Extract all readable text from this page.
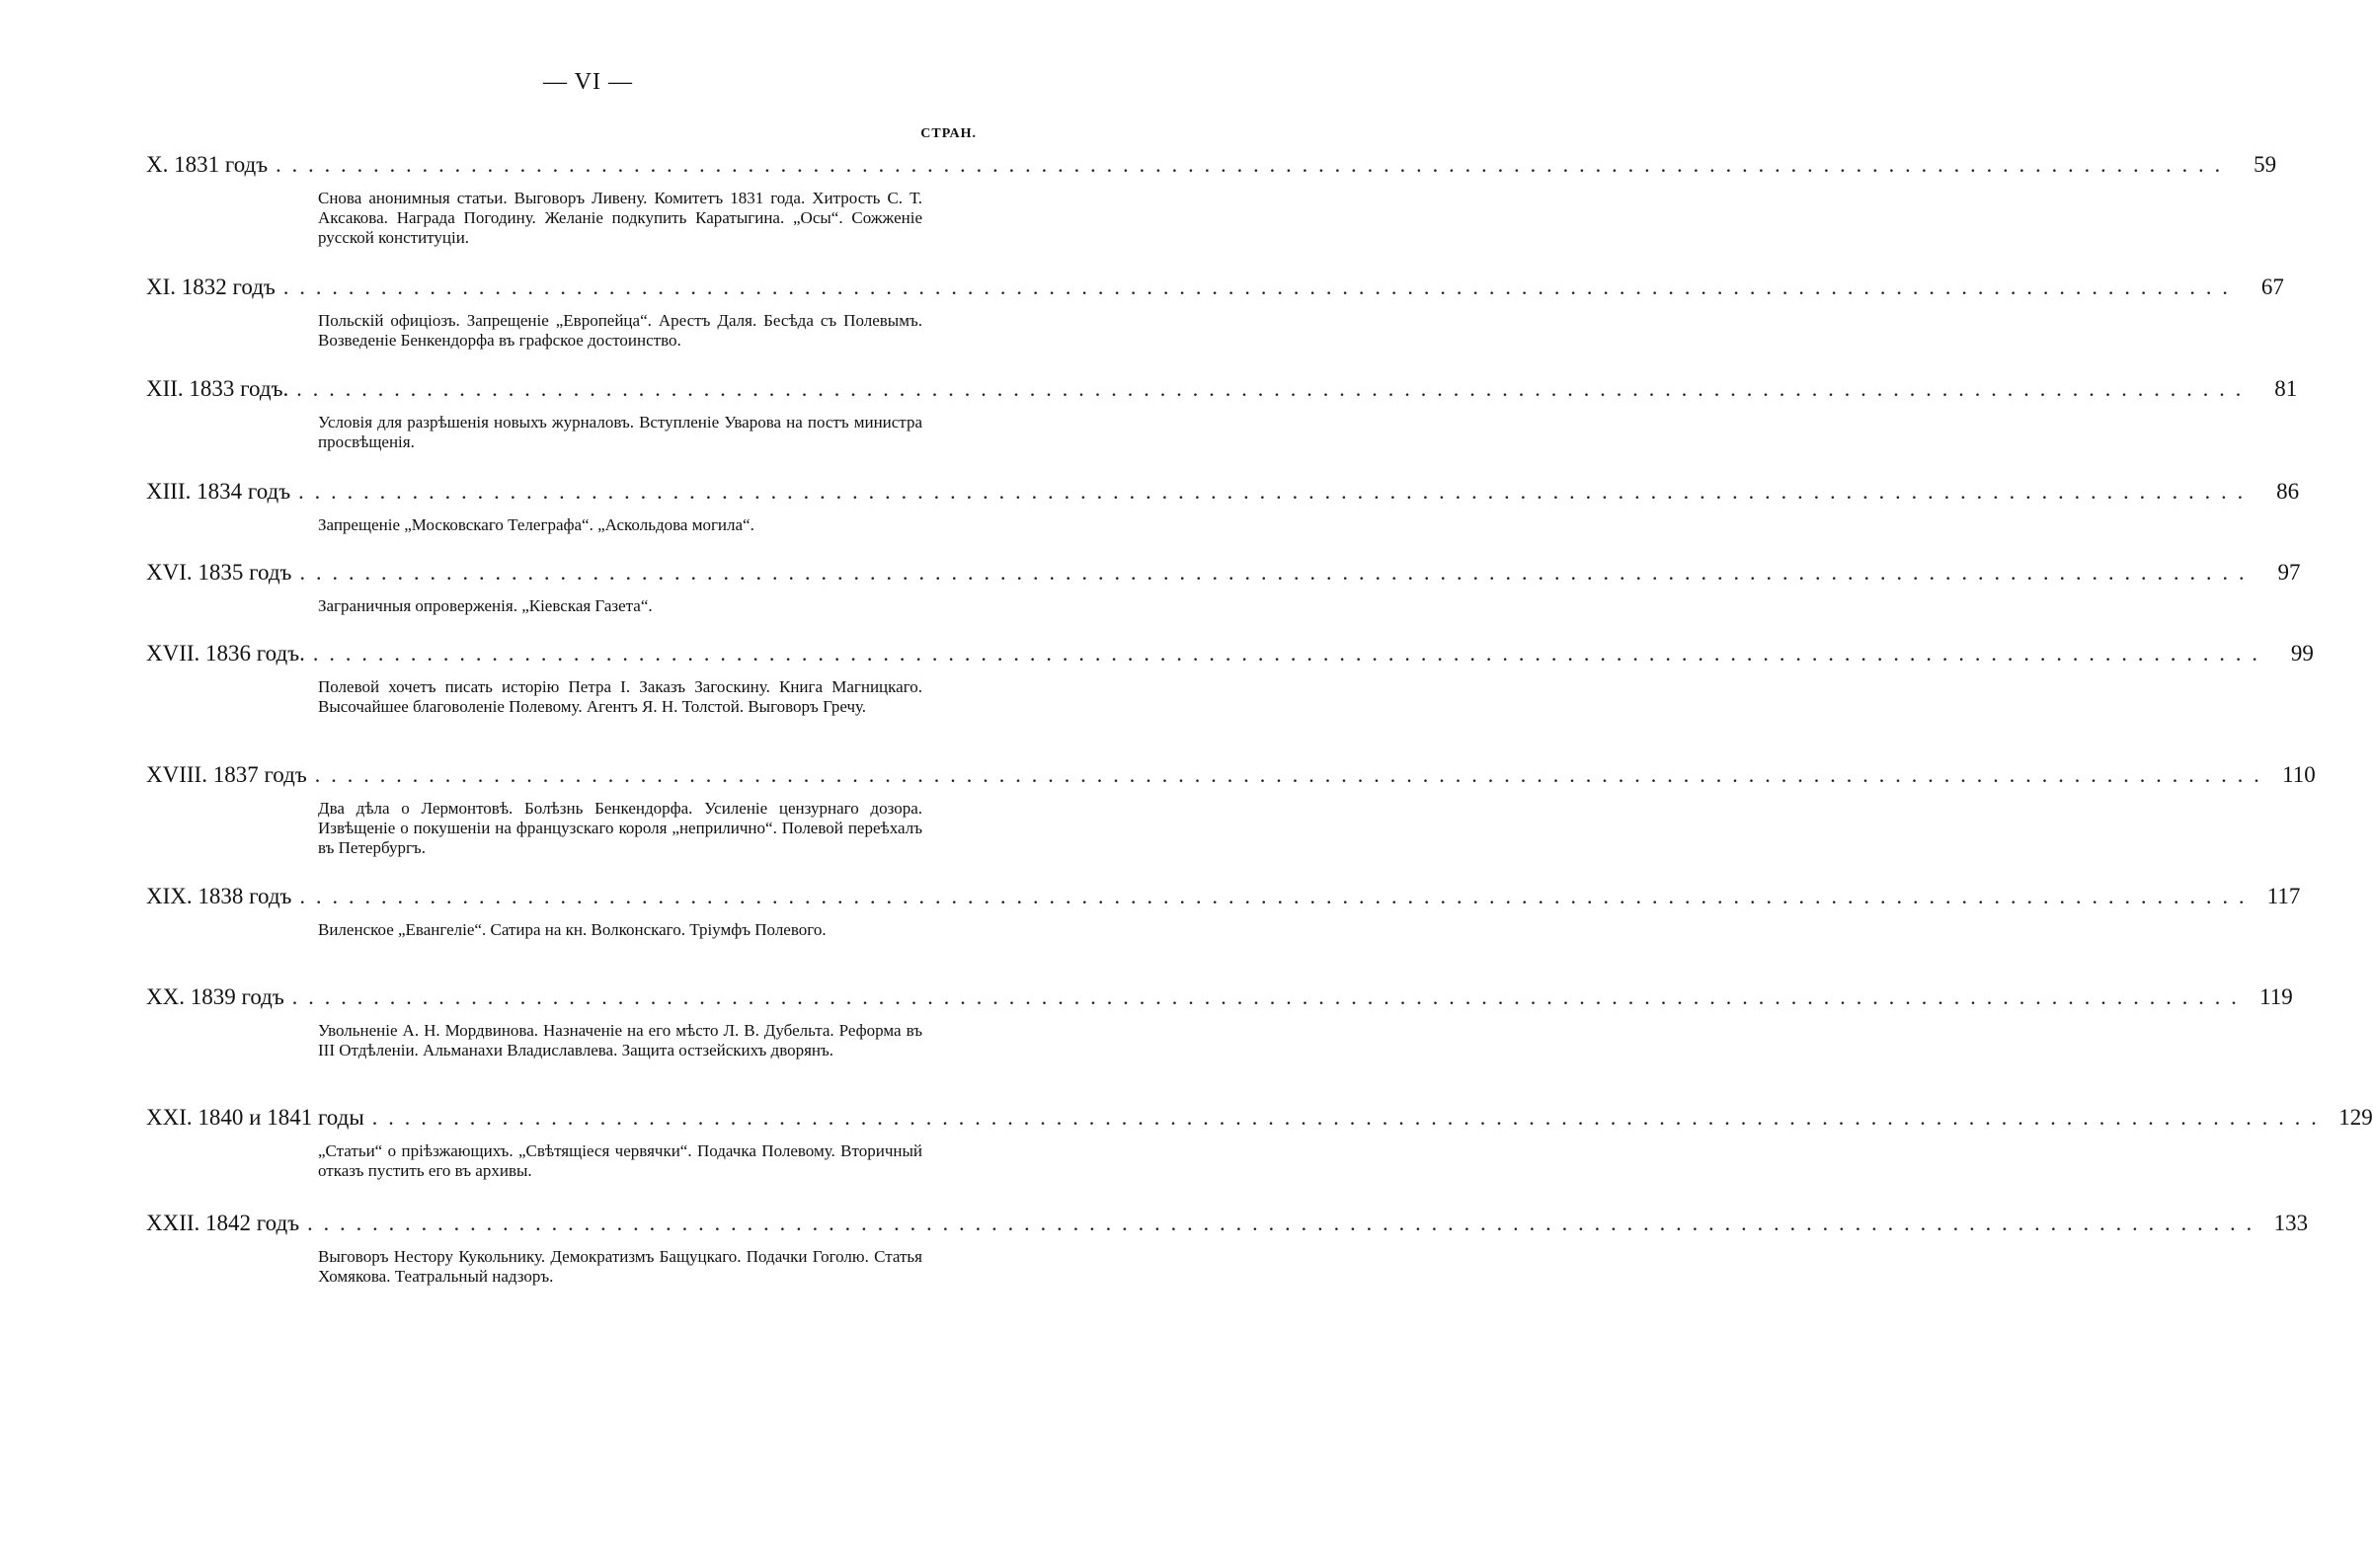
— VI —
СТРАН.
X. 1831 годъ ........................................................................................................................	59

Снова анонимныя статьи. Выговоръ Ливену. Комитетъ 1831 года. Хитрость С. Т. Аксакова. Награда Погодину. Желаніе подкупить Каратыгина. „Осы“. Сожженіе русской конституціи.

XI. 1832 годъ ........................................................................................................................	67

Польскій офиціозъ. Запрещеніе „Европейца“. Арестъ Даля. Бесѣда съ Полевымъ. Возведеніе Бенкендорфа въ графское достоинство.

XII. 1833 годъ. ........................................................................................................................	81

Условія для разрѣшенія новыхъ журналовъ. Вступленіе Уварова на постъ министра просвѣщенія.

XIII. 1834 годъ ........................................................................................................................	86

Запрещеніе „Московскаго Телеграфа“. „Аскольдова могила“.

XVI. 1835 годъ ........................................................................................................................	97

Заграничныя опроверженія. „Кіевская Газета“.

XVII. 1836 годъ. ........................................................................................................................	99

Полевой хочетъ писать исторію Петра I. Заказъ Загоскину. Книга Магницкаго. Высочайшее благоволеніе Полевому. Агентъ Я. Н. Толстой. Выговоръ Гречу.

XVIII. 1837 годъ ........................................................................................................................ 110

Два дѣла о Лермонтовѣ. Болѣзнь Бенкендорфа. Усиленіе цензурнаго дозора. Извѣщеніе о покушеніи на французскаго короля „неприлично“. Полевой переѣхалъ въ Петербургъ.

XIX. 1838 годъ ........................................................................................................................ 117

Виленское „Евангеліе“. Сатира на кн. Волконскаго. Тріумфъ Полевого.

XX. 1839 годъ ........................................................................................................................ 119

Увольненіе А. Н. Мордвинова. Назначеніе на его мѣсто Л. В. Дубельта. Реформа въ III Отдѣленіи. Альманахи Владиславлева. Защита остзейскихъ дворянъ.

XXI. 1840 и 1841 годы ........................................................................................................................ 129

„Статьи“ о пріѣзжающихъ. „Свѣтящіеся червячки“. Подачка Полевому. Вторичный отказъ пустить его въ архивы.

XXII. 1842 годъ ........................................................................................................................ 133

Выговоръ Нестору Кукольнику. Демократизмъ Бащуцкаго. Подачки Гоголю. Статья Хомякова. Театральный надзоръ.
